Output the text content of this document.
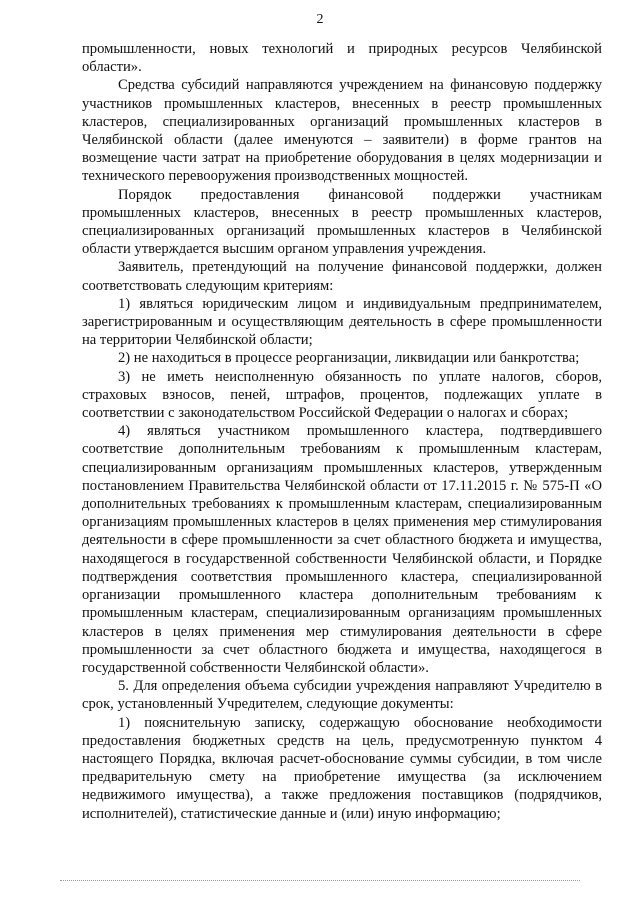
2

промышленности, новых технологий и природных ресурсов Челябинской области».

Средства субсидий направляются учреждением на финансовую поддержку участников промышленных кластеров, внесенных в реестр промышленных кластеров, специализированных организаций промышленных кластеров в Челябинской области (далее именуются – заявители) в форме грантов на возмещение части затрат на приобретение оборудования в целях модернизации и технического перевооружения производственных мощностей.

Порядок предоставления финансовой поддержки участникам промышленных кластеров, внесенных в реестр промышленных кластеров, специализированных организаций промышленных кластеров в Челябинской области утверждается высшим органом управления учреждения.

Заявитель, претендующий на получение финансовой поддержки, должен соответствовать следующим критериям:

1) являться юридическим лицом и индивидуальным предпринимателем, зарегистрированным и осуществляющим деятельность в сфере промышленности на территории Челябинской области;

2) не находиться в процессе реорганизации, ликвидации или банкротства;

3) не иметь неисполненную обязанность по уплате налогов, сборов, страховых взносов, пеней, штрафов, процентов, подлежащих уплате в соответствии с законодательством Российской Федерации о налогах и сборах;

4) являться участником промышленного кластера, подтвердившего соответствие дополнительным требованиям к промышленным кластерам, специализированным организациям промышленных кластеров, утвержденным постановлением Правительства Челябинской области от 17.11.2015 г. № 575-П «О дополнительных требованиях к промышленным кластерам, специализированным организациям промышленных кластеров в целях применения мер стимулирования деятельности в сфере промышленности за счет областного бюджета и имущества, находящегося в государственной собственности Челябинской области, и Порядке подтверждения соответствия промышленного кластера, специализированной организации промышленного кластера дополнительным требованиям к промышленным кластерам, специализированным организациям промышленных кластеров в целях применения мер стимулирования деятельности в сфере промышленности за счет областного бюджета и имущества, находящегося в государственной собственности Челябинской области».

5. Для определения объема субсидии учреждения направляют Учредителю в срок, установленный Учредителем, следующие документы:

1) пояснительную записку, содержащую обоснование необходимости предоставления бюджетных средств на цель, предусмотренную пунктом 4 настоящего Порядка, включая расчет-обоснование суммы субсидии, в том числе предварительную смету на приобретение имущества (за исключением недвижимого имущества), а также предложения поставщиков (подрядчиков, исполнителей), статистические данные и (или) иную информацию;
